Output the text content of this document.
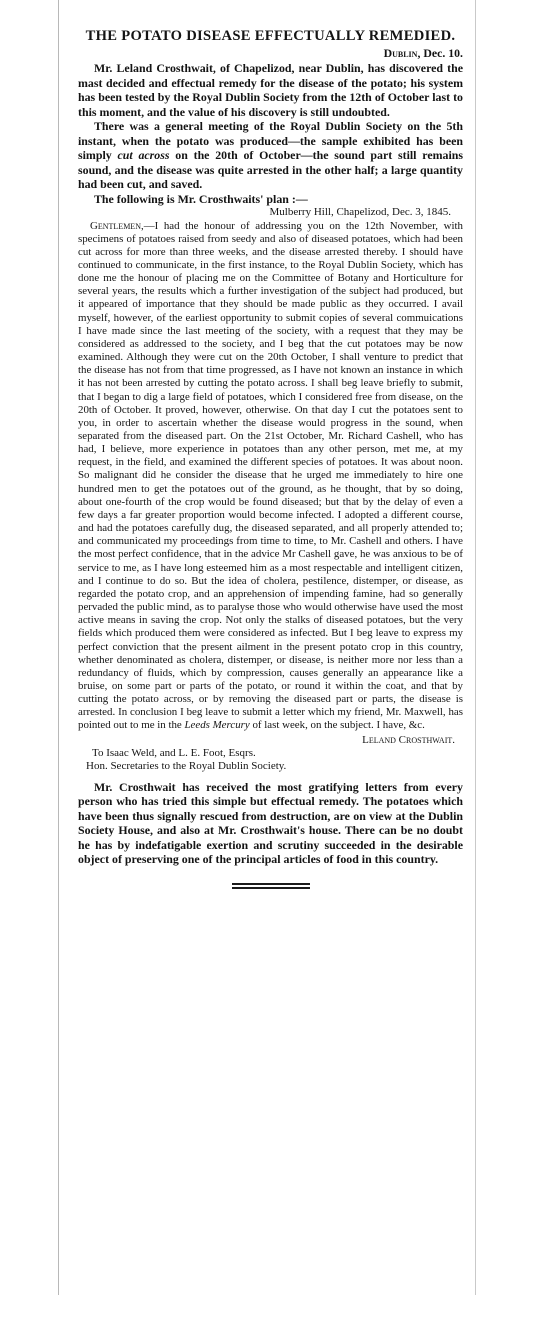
THE POTATO DISEASE EFFECTUALLY REMEDIED.
Dublin, Dec. 10.

Mr. Leland Crosthwait, of Chapelizod, near Dublin, has discovered the mast decided and effectual remedy for the disease of the potato; his system has been tested by the Royal Dublin Society from the 12th of October last to this moment, and the value of his discovery is still undoubted.

There was a general meeting of the Royal Dublin Society on the 5th instant, when the potato was produced—the sample exhibited has been simply cut across on the 20th of October—the sound part still remains sound, and the disease was quite arrested in the other half; a large quantity had been cut, and saved.

The following is Mr. Crosthwaits' plan :—

Mulberry Hill, Chapelizod, Dec. 3, 1845.

Gentlemen,—I had the honour of addressing you on the 12th November, with specimens of potatoes raised from seedy and also of diseased potatoes, which had been cut across for more than three weeks, and the disease arrested thereby. I should have continued to communicate, in the first instance, to the Royal Dublin Society, which has done me the honour of placing me on the Committee of Botany and Horticulture for several years, the results which a further investigation of the subject had produced, but it appeared of importance that they should be made public as they occurred. I avail myself, however, of the earliest opportunity to submit copies of several commuications I have made since the last meeting of the society, with a request that they may be considered as addressed to the society, and I beg that the cut potatoes may be now examined. Although they were cut on the 20th October, I shall venture to predict that the disease has not from that time progressed, as I have not known an instance in which it has not been arrested by cutting the potato across. I shall beg leave briefly to submit, that I began to dig a large field of potatoes, which I considered free from disease, on the 20th of October. It proved, however, otherwise. On that day I cut the potatoes sent to you, in order to ascertain whether the disease would progress in the sound, when separated from the diseased part. On the 21st October, Mr. Richard Cashell, who has had, I believe, more experience in potatoes than any other person, met me, at my request, in the field, and examined the different species of potatoes. It was about noon. So malignant did he consider the disease that he urged me immediately to hire one hundred men to get the potatoes out of the ground, as he thought, that by so doing, about one-fourth of the crop would be found diseased; but that by the delay of even a few days a far greater proportion would become infected. I adopted a different course, and had the potatoes carefully dug, the diseased separated, and all properly attended to; and communicated my proceedings from time to time, to Mr. Cashell and others. I have the most perfect confidence, that in the advice Mr Cashell gave, he was anxious to be of service to me, as I have long esteemed him as a most respectable and intelligent citizen, and I continue to do so. But the idea of cholera, pestilence, distemper, or disease, as regarded the potato crop, and an apprehension of impending famine, had so generally pervaded the public mind, as to paralyse those who would otherwise have used the most active means in saving the crop. Not only the stalks of diseased potatoes, but the very fields which produced them were considered as infected. But I beg leave to express my perfect conviction that the present ailment in the present potato crop in this country, whether denominated as cholera, distemper, or disease, is neither more nor less than a redundancy of fluids, which by compression, causes generally an appearance like a bruise, on some part or parts of the potato, or round it within the coat, and that by cutting the potato across, or by removing the diseased part or parts, the disease is arrested. In conclusion I beg leave to submit a letter which my friend, Mr. Maxwell, has pointed out to me in the Leeds Mercury of last week, on the subject. I have, &c.

Leland Crosthwait.

To Isaac Weld, and L. E. Foot, Esqrs.

Hon. Secretaries to the Royal Dublin Society.

Mr. Crosthwait has received the most gratifying letters from every person who has tried this simple but effectual remedy. The potatoes which have been thus signally rescued from destruction, are on view at the Dublin Society House, and also at Mr. Crosthwait's house. There can be no doubt he has by indefatigable exertion and scrutiny succeeded in the desirable object of preserving one of the principal articles of food in this country.
